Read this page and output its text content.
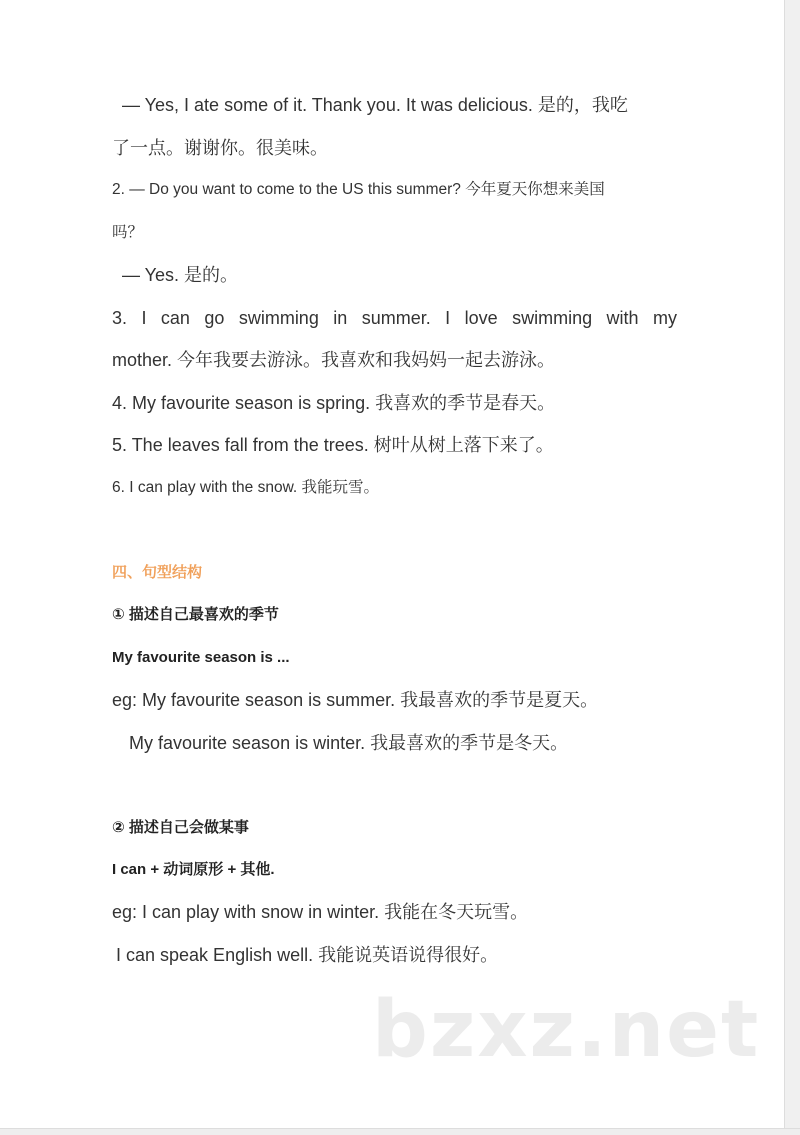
— Yes, I ate some of it. Thank you. It was delicious. 是的，我吃
了一点。谢谢你。很美味。
2. — Do you want to come to the US this summer? 今年夏天你想来美国
吗？
— Yes. 是的。
3. I can go swimming in summer. I love swimming with my
mother. 今年我要去游泳。我喜欢和我妈妈一起去游泳。
4. My favourite season is spring. 我喜欢的季节是春天。
5. The leaves fall from the trees. 树叶从树上落下来了。
6. I can play with the snow. 我能玩雪。
四、句型结构
① 描述自己最喜欢的季节
My favourite season is ...
eg: My favourite season is summer. 我最喜欢的季节是夏天。
My favourite season is winter. 我最喜欢的季节是冬天。
② 描述自己会做某事
I can + 动词原形 + 其他.
eg: I can play with snow in winter. 我能在冬天玩雪。
I can speak English well. 我能说英语说得很好。
bzxz.net
